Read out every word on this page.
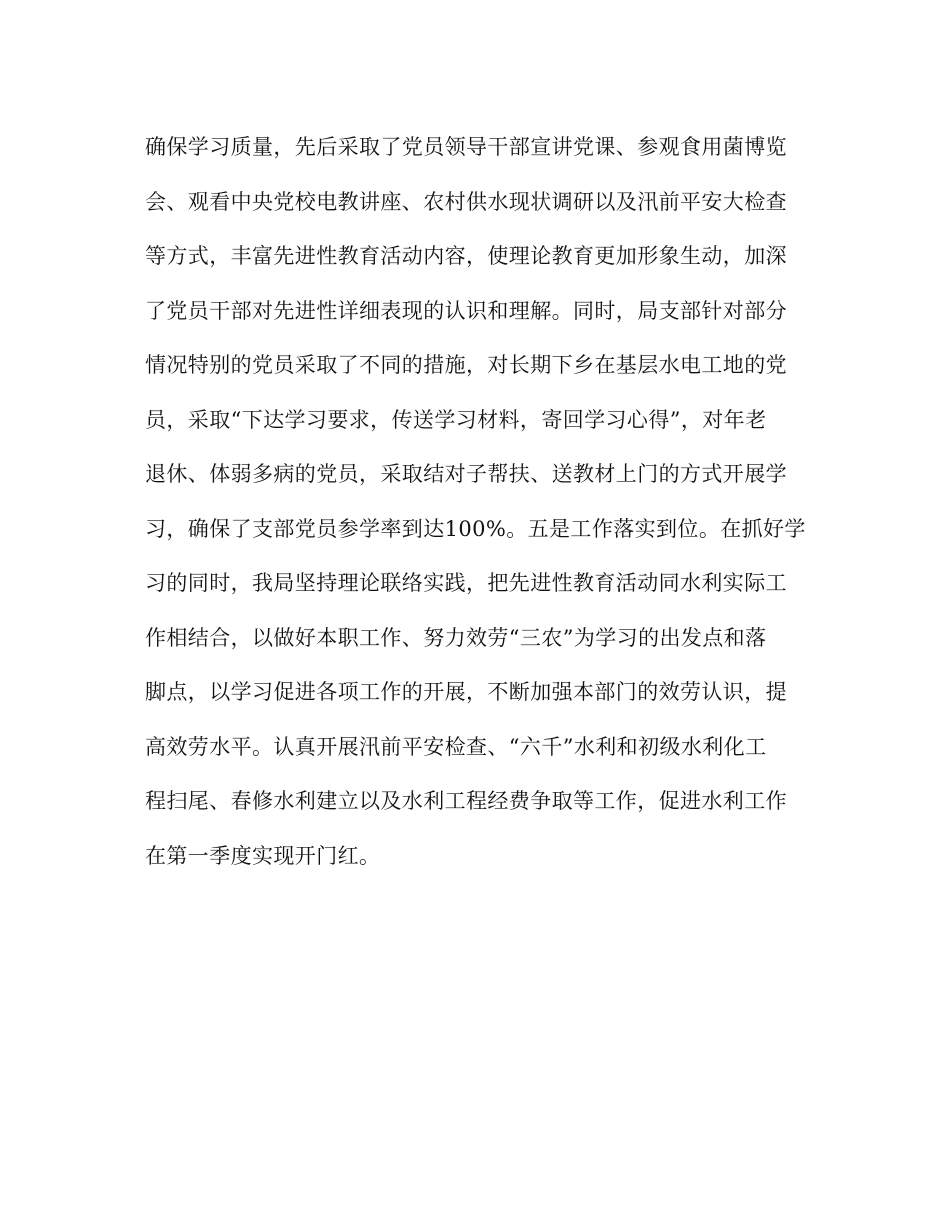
确保学习质量，先后采取了党员领导干部宣讲党课、参观食用菌博览
会、观看中央党校电教讲座、农村供水现状调研以及汛前平安大检查
等方式，丰富先进性教育活动内容，使理论教育更加形象生动，加深
了党员干部对先进性详细表现的认识和理解。同时，局支部针对部分
情况特别的党员采取了不同的措施，对长期下乡在基层水电工地的党
员，采取“下达学习要求，传送学习材料，寄回学习心得”，对年老
退休、体弱多病的党员，采取结对子帮扶、送教材上门的方式开展学
习，确保了支部党员参学率到达100%。五是工作落实到位。在抓好学
习的同时，我局坚持理论联络实践，把先进性教育活动同水利实际工
作相结合，以做好本职工作、努力效劳“三农”为学习的出发点和落
脚点，以学习促进各项工作的开展，不断加强本部门的效劳认识，提
高效劳水平。认真开展汛前平安检查、“六千”水利和初级水利化工
程扫尾、春修水利建立以及水利工程经费争取等工作，促进水利工作
在第一季度实现开门红。
